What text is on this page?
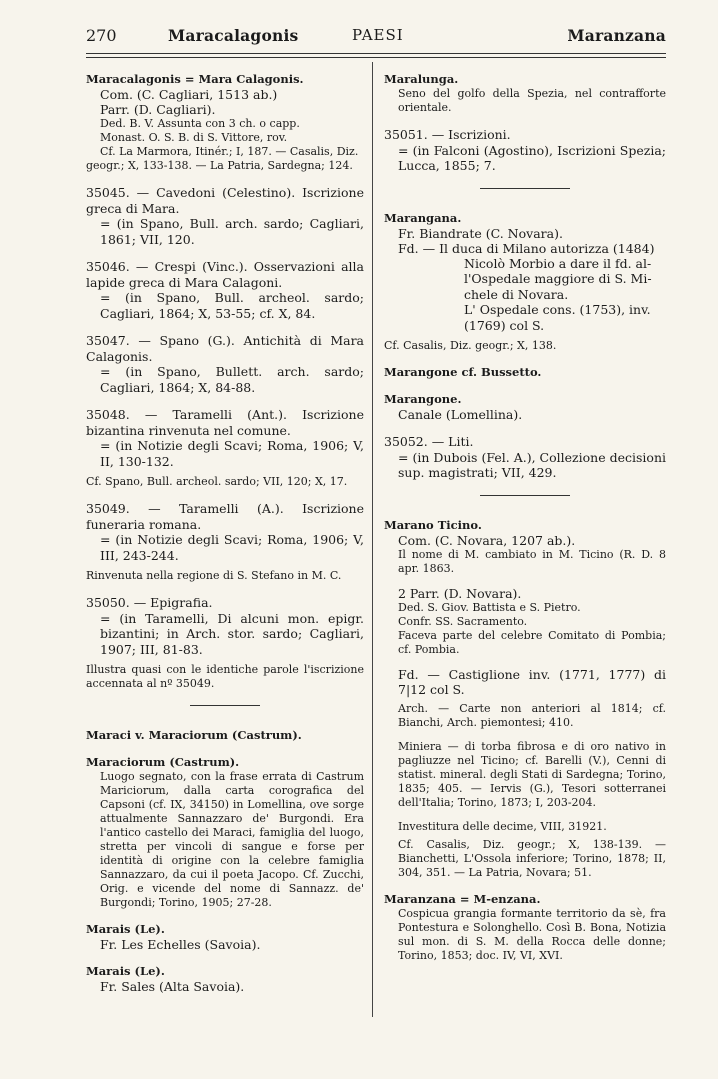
270	Maracalagonis	PAESI	Maranzana

Maracalagonis = Mara Calagonis.

Com. (C. Cagliari, 1513 ab.)

Parr. (D. Cagliari).

Ded. B. V. Assunta con 3 ch. o capp.

Monast. O. S. B. di S. Vittore, rov.

Cf. La Marmora, Itinér.; I, 187. — Casalis, Diz.

geogr.; X, 133-138. — La Patria, Sardegna; 124.

35045. — Cavedoni (Celestino). Iscrizione greca di Mara.

= (in Spano, Bull. arch. sardo; Cagliari, 1861; VII, 120.

35046. — Crespi (Vinc.). Osservazioni alla lapide greca di Mara Calagoni.

= (in Spano, Bull. archeol. sardo; Cagliari, 1864; X, 53-55; cf. X, 84.

35047. — Spano (G.). Antichità di Mara Calagonis.

= (in Spano, Bullett. arch. sardo; Cagliari, 1864; X, 84-88.

35048. — Taramelli (Ant.). Iscrizione bizantina rinvenuta nel comune.

= (in Notizie degli Scavi; Roma, 1906; V, II, 130-132.

Cf. Spano, Bull. archeol. sardo; VII, 120; X, 17.

35049. — Taramelli (A.). Iscrizione funeraria romana.

= (in Notizie degli Scavi; Roma, 1906; V, III, 243-244.

Rinvenuta nella regione di S. Stefano in M. C.

35050. — Epigrafia.

= (in Taramelli, Di alcuni mon. epigr. bizantini; in Arch. stor. sardo; Cagliari, 1907; III, 81-83.

Illustra quasi con le identiche parole l'iscrizione accennata al nº 35049.

Maraci v. Maraciorum (Castrum).

Maraciorum (Castrum).

Luogo segnato, con la frase errata di Castrum Mariciorum, dalla carta corografica del Capsoni (cf. IX, 34150) in Lomellina, ove sorge attualmente Sannazzaro de' Burgondi. Era l'antico castello dei Maraci, famiglia del luogo, stretta per vincoli di sangue e forse per identità di origine con la celebre famiglia Sannazzaro, da cui il poeta Jacopo. Cf. Zucchi, Orig. e vicende del nome di Sannazz. de' Burgondi; Torino, 1905; 27-28.

Marais (Le).

Fr. Les Echelles (Savoia).

Marais (Le).

Fr. Sales (Alta Savoia).

Maralunga.

Seno del golfo della Spezia, nel contrafforte orientale.

35051. — Iscrizioni.

= (in Falconi (Agostino), Iscrizioni Spezia; Lucca, 1855; 7.

Marangana.

Fr. Biandrate (C. Novara).

Fd. — Il duca di Milano autorizza (1484)

Nicolò Morbio a dare il fd. al-

l'Ospedale maggiore di S. Mi-

chele di Novara.

L' Ospedale cons. (1753), inv.

(1769) col S.

Cf. Casalis, Diz. geogr.; X, 138.

Marangone cf. Bussetto.

Marangone.

Canale (Lomellina).

35052. — Liti.

= (in Dubois (Fel. A.), Collezione decisioni sup. magistrati; VII, 429.

Marano Ticino.

Com. (C. Novara, 1207 ab.).

Il nome di M. cambiato in M. Ticino (R. D. 8 apr. 1863.

2 Parr. (D. Novara).

Ded. S. Giov. Battista e S. Pietro.

Confr. SS. Sacramento.

Faceva parte del celebre Comitato di Pombia; cf. Pombia.

Fd. — Castiglione inv. (1771, 1777) di 7|12 col S.

Arch. — Carte non anteriori al 1814; cf. Bianchi, Arch. piemontesi; 410.

Miniera — di torba fibrosa e di oro nativo in pagliuzze nel Ticino; cf. Barelli (V.), Cenni di statist. mineral. degli Stati di Sardegna; Torino, 1835; 405. — Iervis (G.), Tesori sotterranei dell'Italia; Torino, 1873; I, 203-204.

Investitura delle decime, VIII, 31921.

Cf. Casalis, Diz. geogr.; X, 138-139. — Bianchetti, L'Ossola inferiore; Torino, 1878; II, 304, 351. — La Patria, Novara; 51.

Maranzana = M-enzana.

Cospicua grangia formante territorio da sè, fra Pontestura e Solonghello. Così B. Bona, Notizia sul mon. di S. M. della Rocca delle donne; Torino, 1853; doc. IV, VI, XVI.
